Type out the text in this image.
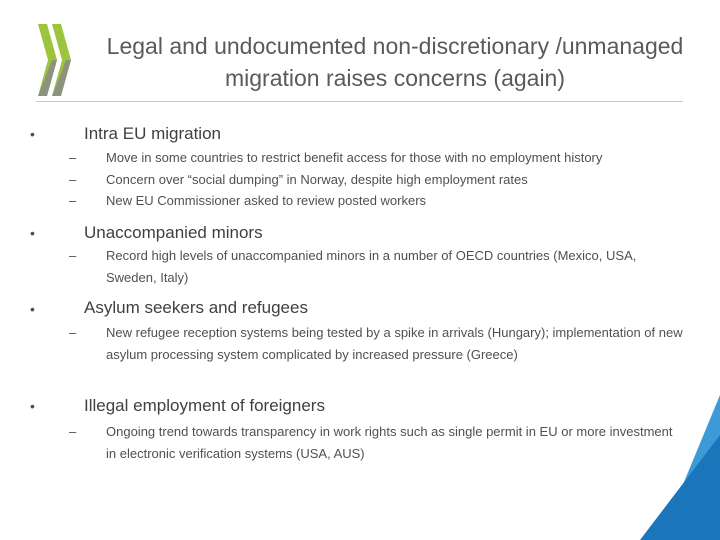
Legal and undocumented non-discretionary /unmanaged migration raises concerns (again)
•	Intra EU migration
– Move in some countries to restrict benefit access for those with no employment history
– Concern over “social dumping” in Norway, despite high employment rates
– New EU Commissioner asked to review posted workers
•	Unaccompanied minors
– Record high levels of unaccompanied minors in a number of OECD countries (Mexico, USA, Sweden, Italy)
•	Asylum seekers and refugees
– New refugee reception systems being tested by a spike in arrivals (Hungary); implementation of new asylum processing system complicated by increased pressure (Greece)
•	Illegal employment of foreigners
– Ongoing trend towards transparency in work rights such as single permit in EU or more investment in electronic verification systems (USA, AUS)
